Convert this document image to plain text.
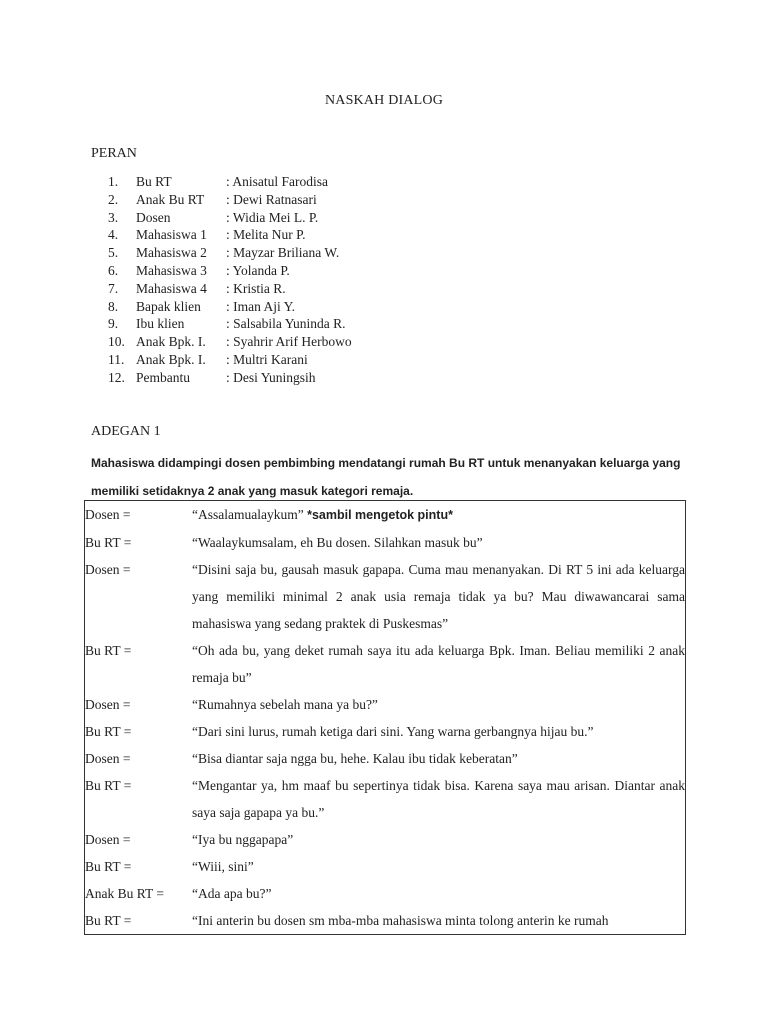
NASKAH DIALOG
PERAN
1.	Bu RT	: Anisatul Farodisa
2.	Anak Bu RT : Dewi Ratnasari
3.	Dosen	: Widia Mei L. P.
4.	Mahasiswa 1 : Melita Nur P.
5.	Mahasiswa 2 : Mayzar Briliana W.
6.	Mahasiswa 3 : Yolanda P.
7.	Mahasiswa 4 : Kristia R.
8.	Bapak klien : Iman Aji Y.
9.	Ibu klien	: Salsabila Yuninda R.
10. Anak Bpk. I. : Syahrir Arif Herbowo
11. Anak Bpk. I. : Multri Karani
12. Pembantu	: Desi Yuningsih
ADEGAN 1
Mahasiswa didampingi dosen pembimbing mendatangi rumah Bu RT untuk menanyakan keluarga yang memiliki setidaknya 2 anak yang masuk kategori remaja.
Dosen =	“Assalamualaykum” *sambil mengetok pintu*
Bu RT =	“Waalaykumsalam, eh Bu dosen. Silahkan masuk bu”
Dosen =	“Disini saja bu, gausah masuk gapapa. Cuma mau menanyakan. Di RT 5 ini ada keluarga yang memiliki minimal 2 anak usia remaja tidak ya bu? Mau diwawancarai sama mahasiswa yang sedang praktek di Puskesmas”
Bu RT =	“Oh ada bu, yang deket rumah saya itu ada keluarga Bpk. Iman. Beliau memiliki 2 anak remaja bu”
Dosen =	“Rumahnya sebelah mana ya bu?”
Bu RT =	“Dari sini lurus, rumah ketiga dari sini. Yang warna gerbangnya hijau bu.”
Dosen =	“Bisa diantar saja ngga bu, hehe. Kalau ibu tidak keberatan”
Bu RT =	“Mengantar ya, hm maaf bu sepertinya tidak bisa. Karena saya mau arisan. Diantar anak saya saja gapapa ya bu.”
Dosen =	“Iya bu nggapapa”
Bu RT =	“Wiii, sini”
Anak Bu RT =	“Ada apa bu?”
Bu RT =	“Ini anterin bu dosen sm mba-mba mahasiswa minta tolong anterin ke rumah
